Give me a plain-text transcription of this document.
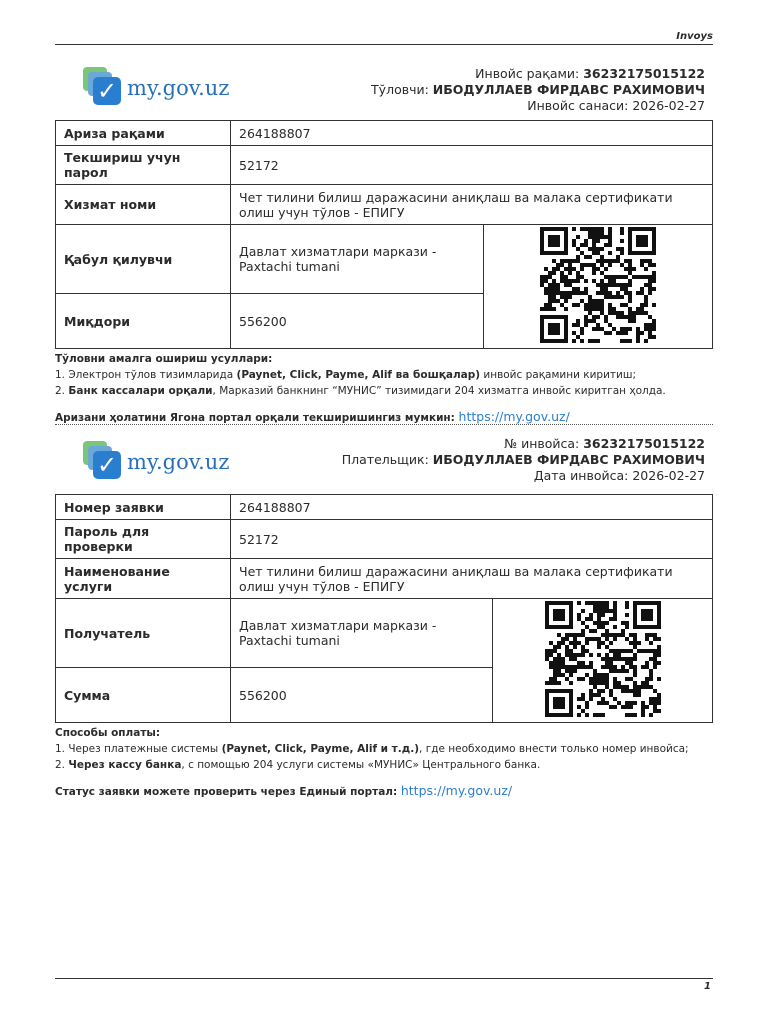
Invoys
✓ my.gov.uz
Инвойс рақами: 36232175015122
Тўловчи: ИБОДУЛЛАЕВ ФИРДАВС РАХИМОВИЧ
Инвойс санаси: 2026-02-27
Ариза рақами	264188807	
Текшириш учун парол	52172	
Хизмат номи	Чет тилини билиш даражасини аниқлаш ва малака сертификати олиш учун тўлов - ЕПИГУ	
Қабул қилувчи	Давлат хизматлари маркази - Paxtachi tumani	
Миқдори	556200	
Тўловни амалга ошириш усуллари:
1. Электрон тўлов тизимларида (Paynet, Click, Payme, Alif ва бошқалар) инвойс рақамини киритиш;
2. Банк кассалари орқали, Марказий банкнинг “МУНИС” тизимидаги 204 хизматга инвойс киритган ҳолда.
Аризани ҳолатини Ягона портал орқали текширишингиз мумкин: https://my.gov.uz/
✓ my.gov.uz
№ инвойса: 36232175015122
Плательщик: ИБОДУЛЛАЕВ ФИРДАВС РАХИМОВИЧ
Дата инвойса: 2026-02-27
Номер заявки	264188807	
Пароль для проверки	52172	
Наименование услуги	Чет тилини билиш даражасини аниқлаш ва малака сертификати олиш учун тўлов - ЕПИГУ	
Получатель	Давлат хизматлари маркази - Paxtachi tumani	
Сумма	556200	
Способы оплаты:
1. Через платежные системы (Paynet, Click, Payme, Alif и т.д.), где необходимо внести только номер инвойса;
2. Через кассу банка, с помощью 204 услуги системы «МУНИС» Центрального банка.
Статус заявки можете проверить через Единый портал: https://my.gov.uz/
1
